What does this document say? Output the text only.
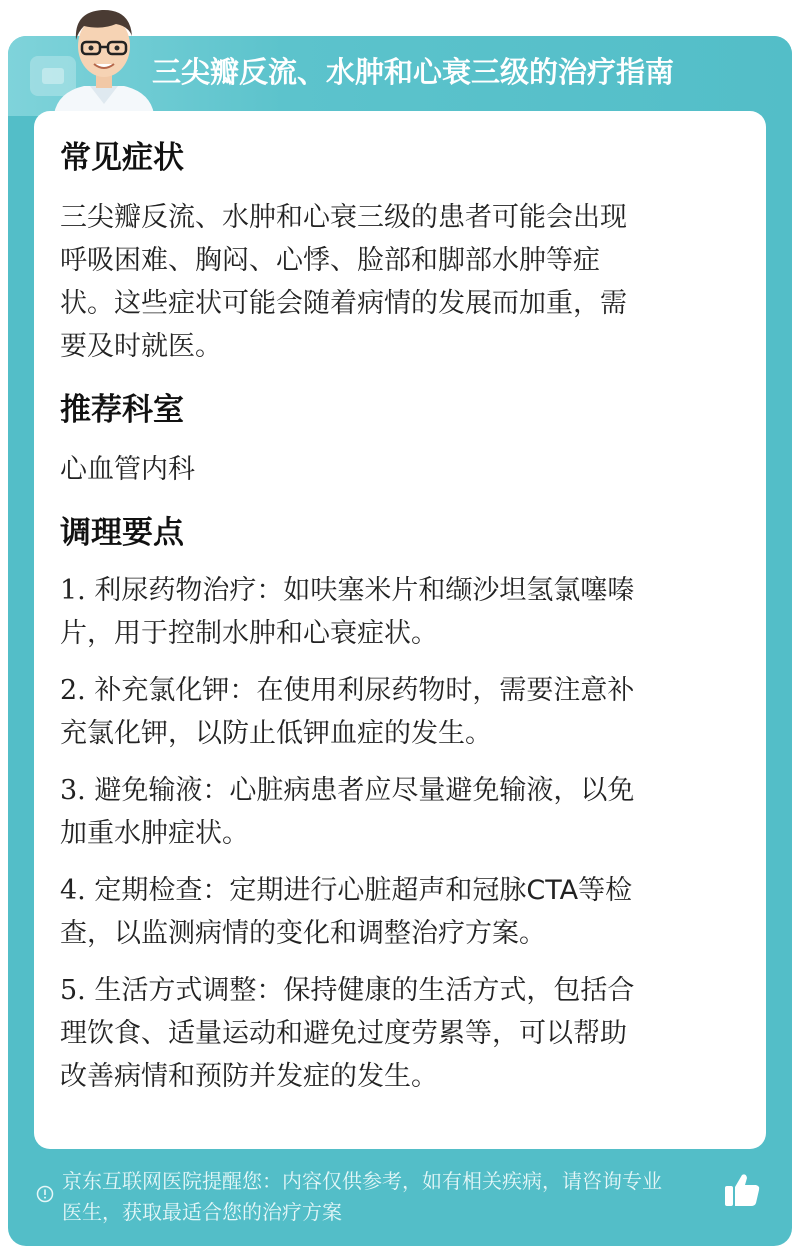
三尖瓣反流、水肿和心衰三级的治疗指南
常见症状

三尖瓣反流、水肿和心衰三级的患者可能会出现

呼吸困难、胸闷、心悸、脸部和脚部水肿等症

状。这些症状可能会随着病情的发展而加重，需

要及时就医。

推荐科室

心血管内科

调理要点

1. 利尿药物治疗：如呋塞米片和缬沙坦氢氯噻嗪

片，用于控制水肿和心衰症状。

2. 补充氯化钾：在使用利尿药物时，需要注意补

充氯化钾，以防止低钾血症的发生。

3. 避免输液：心脏病患者应尽量避免输液，以免

加重水肿症状。

4. 定期检查：定期进行心脏超声和冠脉CTA等检

查，以监测病情的变化和调整治疗方案。

5. 生活方式调整：保持健康的生活方式，包括合

理饮食、适量运动和避免过度劳累等，可以帮助

改善病情和预防并发症的发生。

京东互联网医院提醒您：内容仅供参考，如有相关疾病，请咨询专业
医生，获取最适合您的治疗方案
